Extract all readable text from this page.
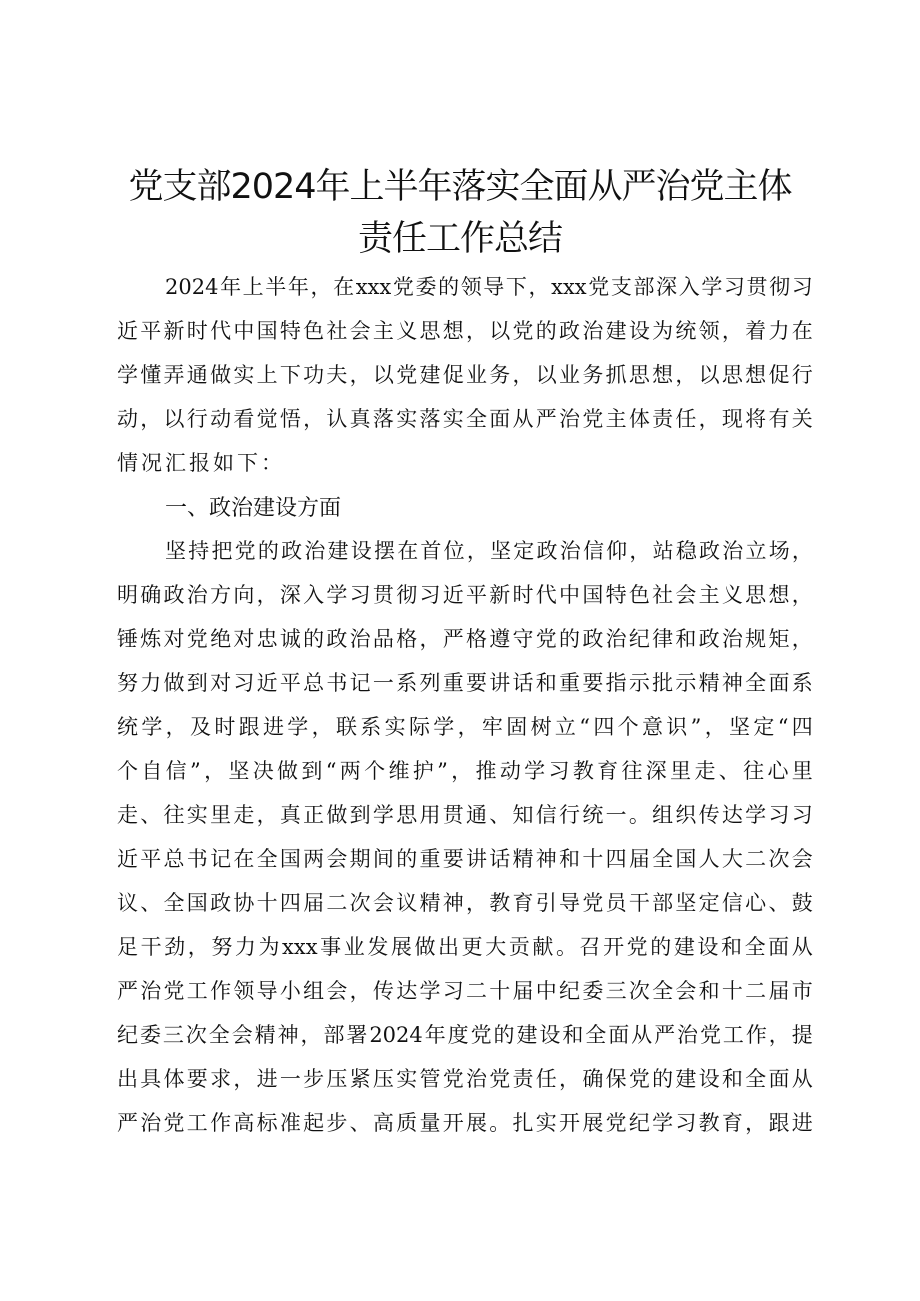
党支部2024年上半年落实全面从严治党主体
责任工作总结
2024 年 上 半 年 ， 在 xxx 党 委 的 领 导 下 ， xxx 党 支 部 深 入 学 习 贯 彻 习
近 平 新 时 代 中 国 特 色 社 会 主 义 思 想 ， 以 党 的 政 治 建 设 为 统 领 ， 着 力 在
学 懂 弄 通 做 实 上 下 功 夫 ， 以 党 建 促 业 务 ， 以 业 务 抓 思 想 ， 以 思 想 促 行
动 ， 以 行 动 看 觉 悟 ， 认 真 落 实 落 实 全 面 从 严 治 党 主 体 责 任 ， 现 将 有 关
情况汇报如下：
一、政治建设方面
坚 持 把 党 的 政 治 建 设 摆 在 首 位 ， 坚 定 政 治 信 仰 ， 站 稳 政 治 立 场 ，
明 确 政 治 方 向 ， 深 入 学 习 贯 彻 习 近 平 新 时 代 中 国 特 色 社 会 主 义 思 想 ，
锤 炼 对 党 绝 对 忠 诚 的 政 治 品 格 ， 严 格 遵 守 党 的 政 治 纪 律 和 政 治 规 矩 ，
努 力 做 到 对 习 近 平 总 书 记 一 系 列 重 要 讲 话 和 重 要 指 示 批 示 精 神 全 面 系
统 学 ， 及 时 跟 进 学 ， 联 系 实 际 学 ， 牢 固 树 立 “ 四 个 意 识 ” ， 坚 定 “ 四
个 自 信 ” ， 坚 决 做 到 “ 两 个 维 护 ” ， 推 动 学 习 教 育 往 深 里 走 、 往 心 里
走 、 往 实 里 走 ， 真 正 做 到 学 思 用 贯 通 、 知 信 行 统 一 。 组 织 传 达 学 习 习
近 平 总 书 记 在 全 国 两 会 期 间 的 重 要 讲 话 精 神 和 十 四 届 全 国 人 大 二 次 会
议 、 全 国 政 协 十 四 届 二 次 会 议 精 神 ， 教 育 引 导 党 员 干 部 坚 定 信 心 、 鼓
足 干 劲 ， 努 力 为 xxx 事 业 发 展 做 出 更 大 贡 献 。 召 开 党 的 建 设 和 全 面 从
严 治 党 工 作 领 导 小 组 会 ， 传 达 学 习 二 十 届 中 纪 委 三 次 全 会 和 十 二 届 市
纪 委 三 次 全 会 精 神 ， 部 署 2024 年 度 党 的 建 设 和 全 面 从 严 治 党 工 作 ， 提
出 具 体 要 求 ， 进 一 步 压 紧 压 实 管 党 治 党 责 任 ， 确 保 党 的 建 设 和 全 面 从
严 治 党 工 作 高 标 准 起 步 、 高 质 量 开 展 。 扎 实 开 展 党 纪 学 习 教 育 ， 跟 进
